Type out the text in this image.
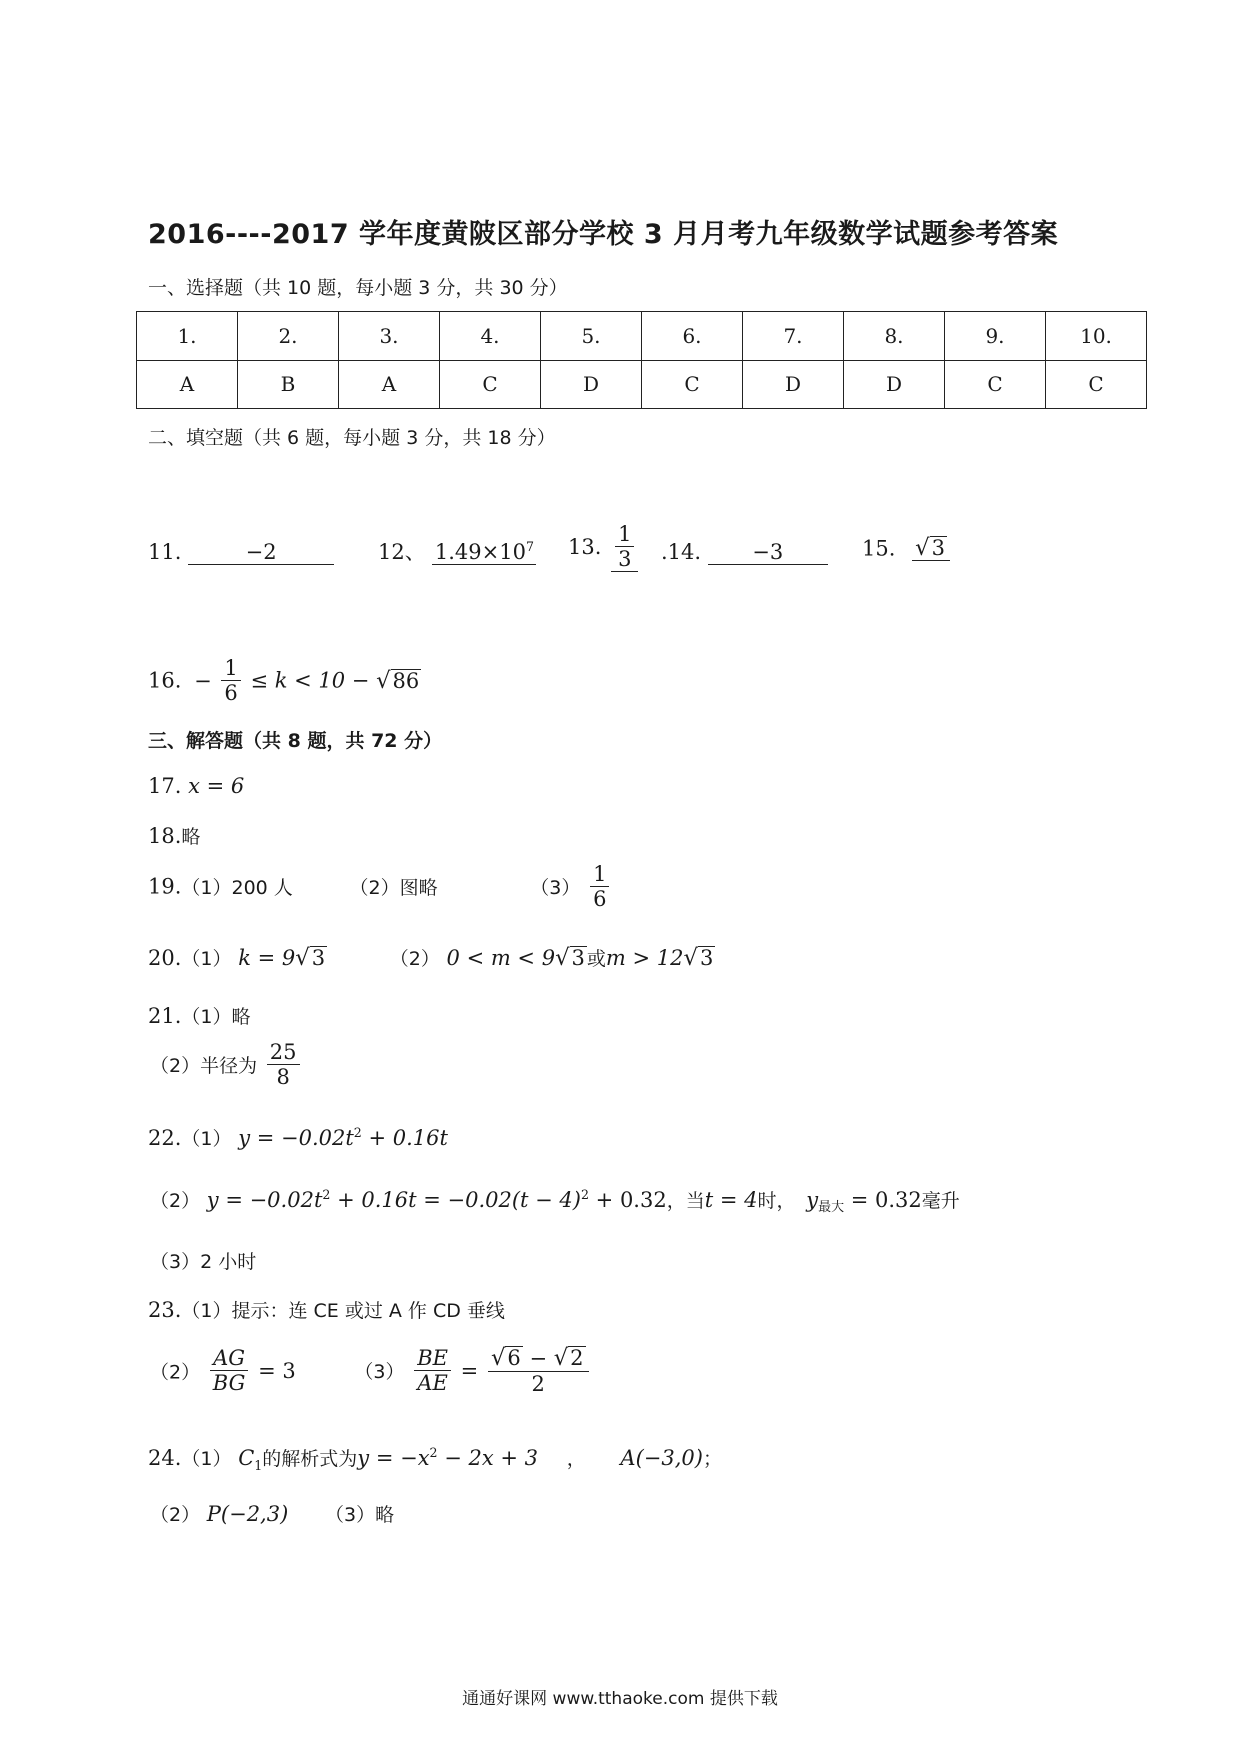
2016----2017 学年度黄陂区部分学校 3 月月考九年级数学试题参考答案
一、选择题（共 10 题，每小题 3 分，共 30 分）
1.	2.	3.	4.	5.	6.	7.	8.	9.	10.
A	B	A	C	D	C	D	D	C	C
二、填空题（共 6 题，每小题 3 分，共 18 分）
11.	−2	12、 $1.49\times 10^7$ 13. $\frac{1}{3} .14$. −3	15. √ 3
16. − $\frac{1}{6} \le k < 10$ − √ 86
三、解答题（共 8 题，共 72 分）
17. x = 6
18.略
19.（1）200 人	（2）图略	$(3) \frac{1}{6}$
20.（1） k = 9 √ 3	（2） 0 < m < 9 √ 3 或m > 12 √ 3
21.（1）略
（2）半径为 $\frac{25}{8}$
22.（1） $y = -0.02t^2 + 0.16t$
（2） $y = -0.02t^2 + 0.16t = -0.02(t - 4)^2 + 0.32$，当t = 4时， y最大 = 0.32毫升
（3）2 小时
23.（1）提示：连 CE 或过 A 作 CD 垂线
$(2) \frac{AG}{BG} = 3$	$(3) \frac{BE}{AE} = \frac{√ 6 - √ 2}{2}$
24.（1） $C_1$的解析式为$y = -x^2 - 2x + 3$ ， A(−3,0)；
（2） P(−2,3) （3）略
通通好课网 www.tthaoke.com 提供下载
